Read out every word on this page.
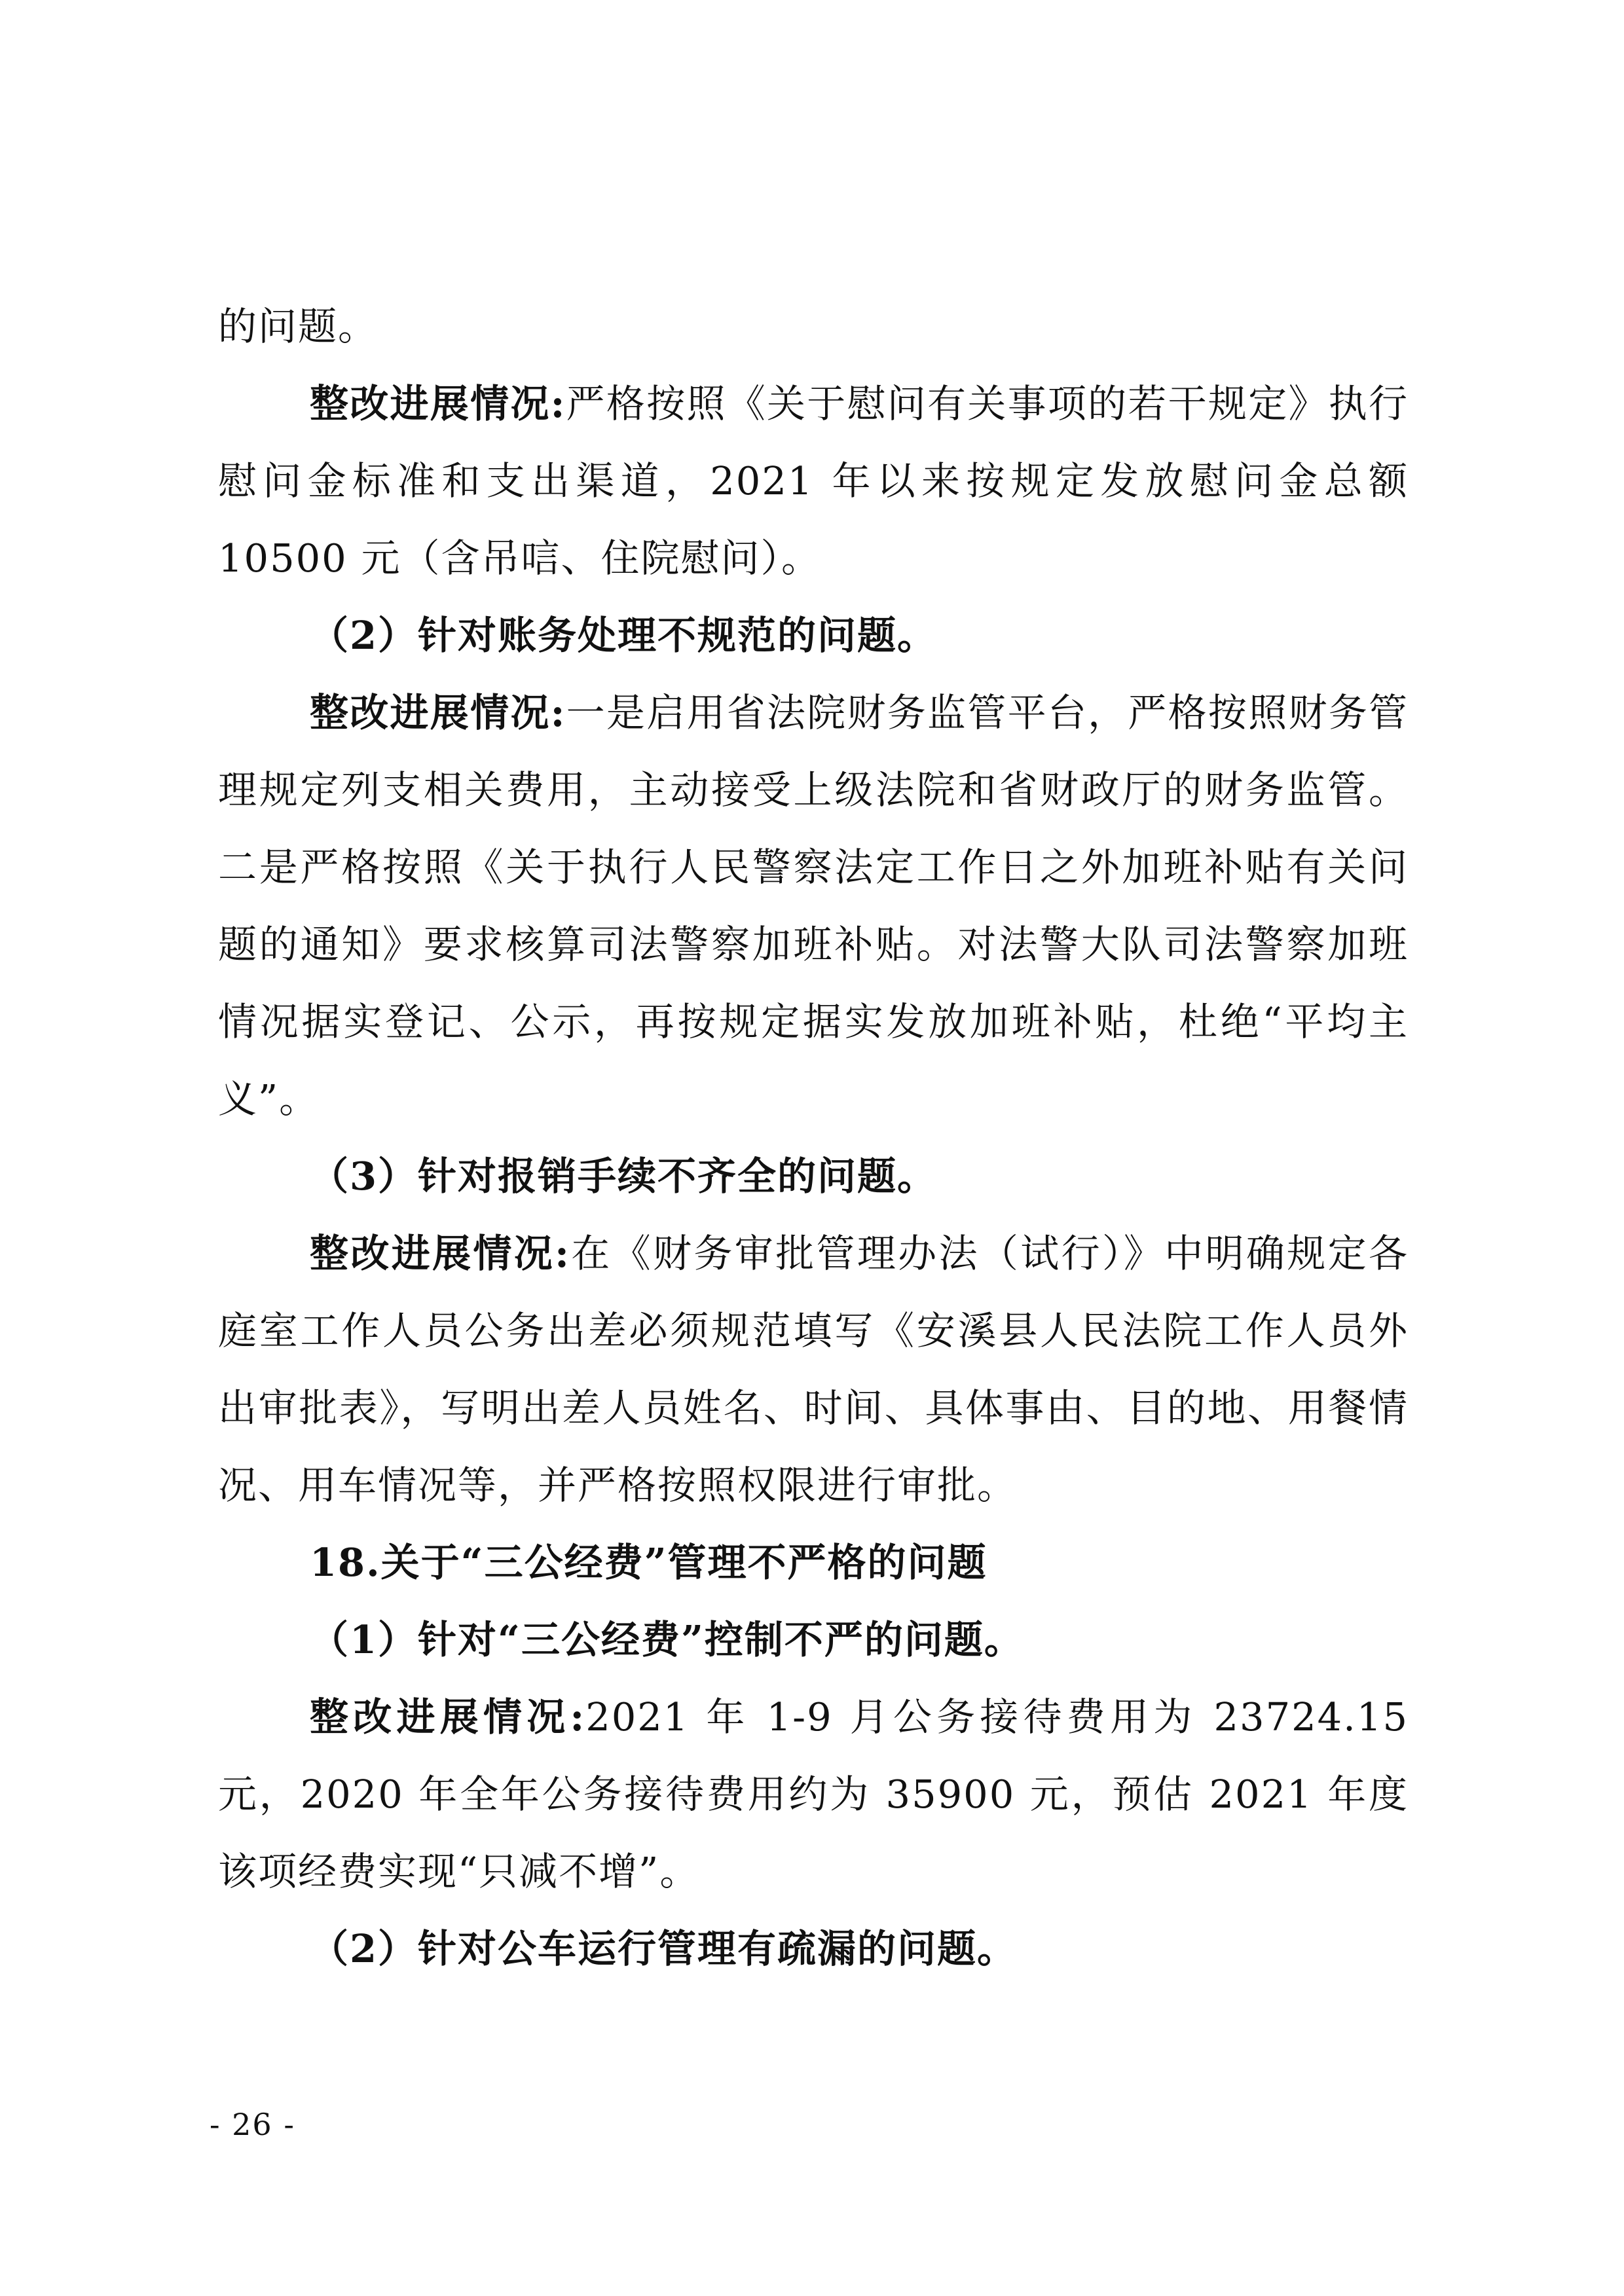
的问题。

整改进展情况:严格按照《关于慰问有关事项的若干规定》执行慰问金标准和支出渠道，2021 年以来按规定发放慰问金总额 10500 元（含吊唁、住院慰问）。

（2）针对账务处理不规范的问题。

整改进展情况:一是启用省法院财务监管平台，严格按照财务管理规定列支相关费用，主动接受上级法院和省财政厅的财务监管。二是严格按照《关于执行人民警察法定工作日之外加班补贴有关问题的通知》要求核算司法警察加班补贴。对法警大队司法警察加班情况据实登记、公示，再按规定据实发放加班补贴，杜绝“平均主义”。

（3）针对报销手续不齐全的问题。

整改进展情况:在《财务审批管理办法（试行）》中明确规定各庭室工作人员公务出差必须规范填写《安溪县人民法院工作人员外出审批表》，写明出差人员姓名、时间、具体事由、目的地、用餐情况、用车情况等，并严格按照权限进行审批。

18.关于“三公经费”管理不严格的问题

（1）针对“三公经费”控制不严的问题。

整改进展情况:2021 年 1-9 月公务接待费用为 23724.15 元，2020 年全年公务接待费用约为 35900 元，预估 2021 年度该项经费实现“只减不增”。

（2）针对公车运行管理有疏漏的问题。

- 26 -
